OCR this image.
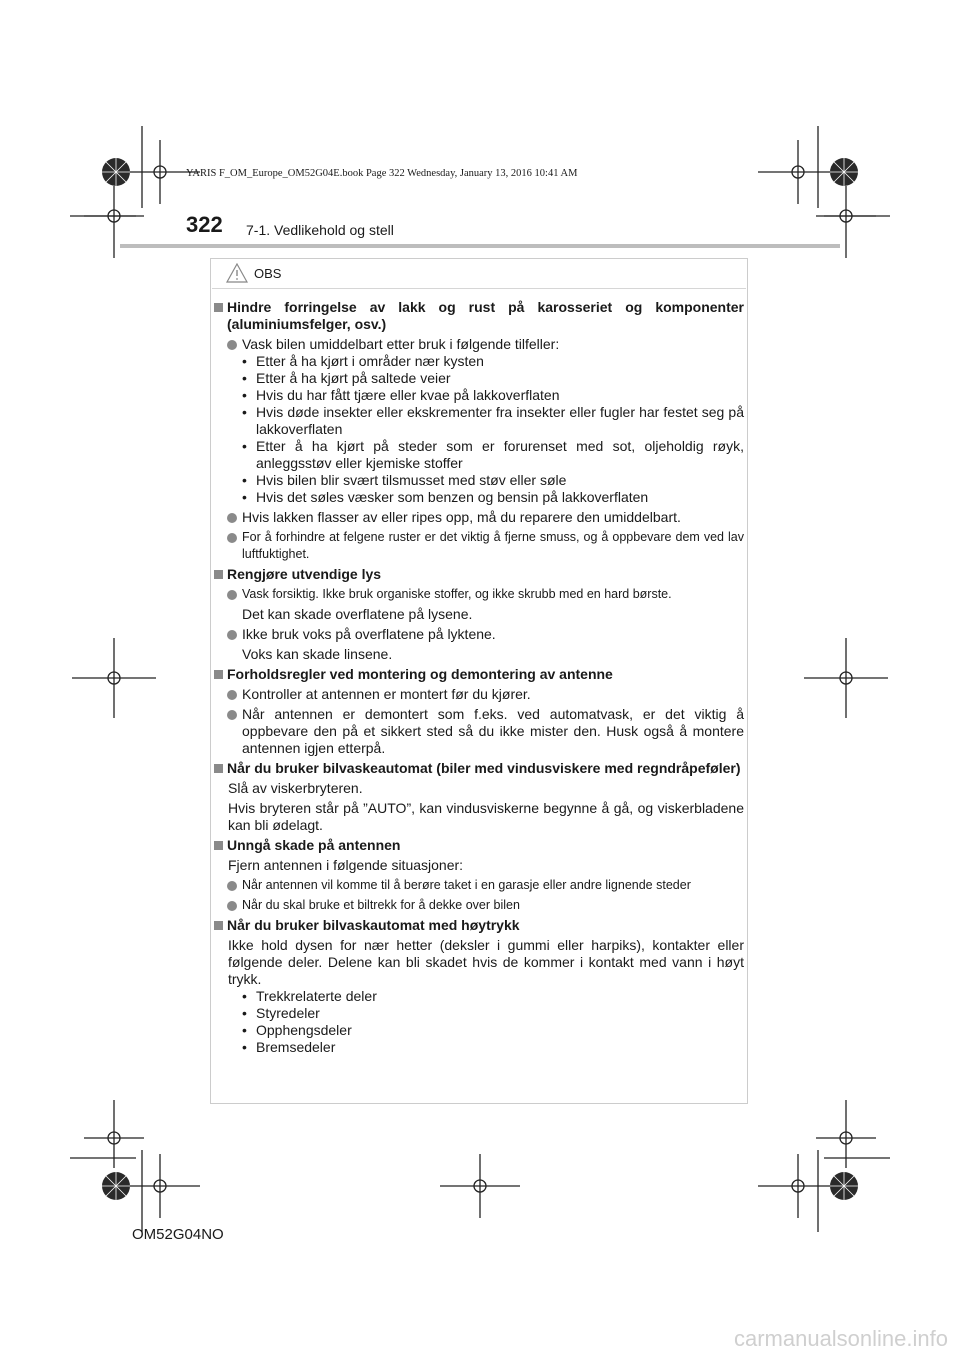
YARIS F_OM_Europe_OM52G04E.book Page 322 Wednesday, January 13, 2016 10:41 AM
322 7-1. Vedlikehold og stell
OBS

Hindre forringelse av lakk og rust på karosseriet og komponenter (aluminiumsfelger, osv.)

Vask bilen umiddelbart etter bruk i følgende tilfeller:

• Etter å ha kjørt i områder nær kysten

• Etter å ha kjørt på saltede veier

• Hvis du har fått tjære eller kvae på lakkoverflaten

• Hvis døde insekter eller ekskrementer fra insekter eller fugler har festet seg på lakkoverflaten

• Etter å ha kjørt på steder som er forurenset med sot, oljeholdig røyk, anleggsstøv eller kjemiske stoffer

• Hvis bilen blir svært tilsmusset med støv eller søle

• Hvis det søles væsker som benzen og bensin på lakkoverflaten

Hvis lakken flasser av eller ripes opp, må du reparere den umiddelbart.

For å forhindre at felgene ruster er det viktig å fjerne smuss, og å oppbevare dem ved lav luftfuktighet.

Rengjøre utvendige lys

Vask forsiktig. Ikke bruk organiske stoffer, og ikke skrubb med en hard børste.

Det kan skade overflatene på lysene.

Ikke bruk voks på overflatene på lyktene.

Voks kan skade linsene.

Forholdsregler ved montering og demontering av antenne

Kontroller at antennen er montert før du kjører.

Når antennen er demontert som f.eks. ved automatvask, er det viktig å oppbevare den på et sikkert sted så du ikke mister den. Husk også å montere antennen igjen etterpå.

Når du bruker bilvaskeautomat (biler med vindusviskere med regndråpeføler)

Slå av viskerbryteren.

Hvis bryteren står på ”AUTO”, kan vindusviskerne begynne å gå, og viskerbladene kan bli ødelagt.

Unngå skade på antennen

Fjern antennen i følgende situasjoner:

Når antennen vil komme til å berøre taket i en garasje eller andre lignende steder

Når du skal bruke et biltrekk for å dekke over bilen

Når du bruker bilvaskautomat med høytrykk

Ikke hold dysen for nær hetter (deksler i gummi eller harpiks), kontakter eller følgende deler. Delene kan bli skadet hvis de kommer i kontakt med vann i høyt trykk.

• Trekkrelaterte deler

• Styredeler

• Opphengsdeler

• Bremsedeler

OM52G04NO
carmanualsonline.info
